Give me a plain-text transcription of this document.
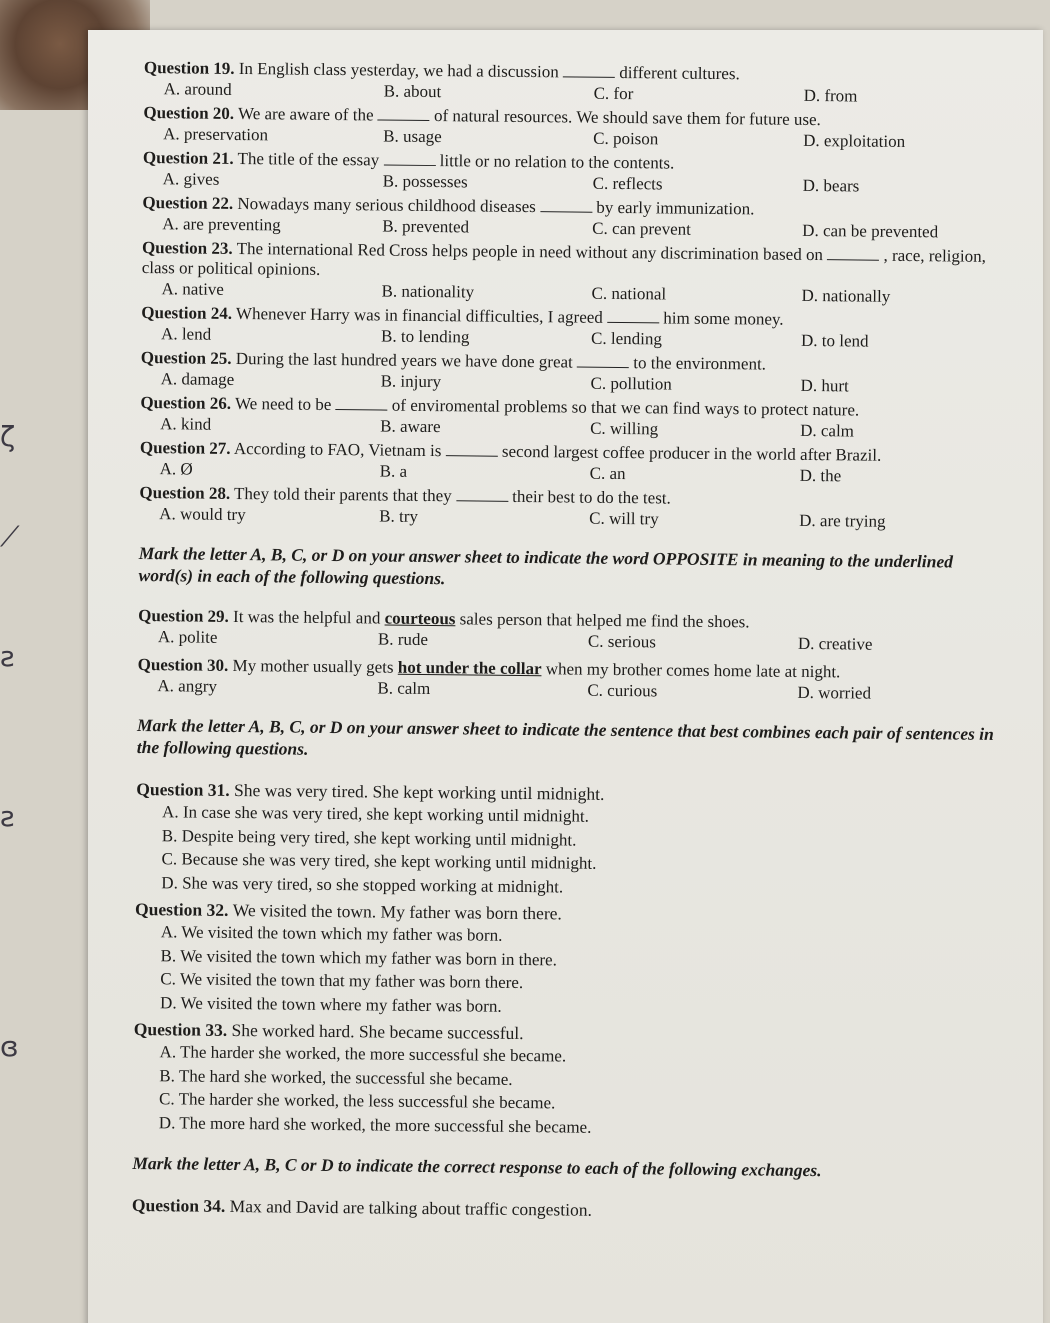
Question 19. In English class yesterday, we had a discussion	different cultures.
A. around	B. about	C. for	D. from
Question 20. We are aware of the	of natural resources. We should save them for future use.
A. preservation	B. usage	C. poison	D. exploitation
Question 21. The title of the essay	little or no relation to the contents.
A. gives	B. possesses	C. reflects	D. bears
Question 22. Nowadays many serious childhood diseases	by early immunization.
A. are preventing	B. prevented	C. can prevent	D. can be prevented
Question 23. The international Red Cross helps people in need without any discrimination based on	, race, religion, class or political opinions.
A. native	B. nationality	C. national	D. nationally
Question 24. Whenever Harry was in financial difficulties, I agreed	him some money.
A. lend	B. to lending	C. lending	D. to lend
Question 25. During the last hundred years we have done great	to the environment.
A. damage	B. injury	C. pollution	D. hurt
Question 26. We need to be	of enviromental problems so that we can find ways to protect nature.
A. kind	B. aware	C. willing	D. calm
Question 27. According to FAO, Vietnam is	second largest coffee producer in the world after Brazil.
A. Ø	B. a	C. an	D. the
Question 28. They told their parents that they	their best to do the test.
A. would try	B. try	C. will try	D. are trying
Mark the letter A, B, C, or D on your answer sheet to indicate the word OPPOSITE in meaning to the underlined word(s) in each of the following questions.
Question 29. It was the helpful and courteous sales person that helped me find the shoes.
A. polite	B. rude	C. serious	D. creative
Question 30. My mother usually gets hot under the collar when my brother comes home late at night.
A. angry	B. calm	C. curious	D. worried
Mark the letter A, B, C, or D on your answer sheet to indicate the sentence that best combines each pair of sentences in the following questions.
Question 31. She was very tired. She kept working until midnight.
A. In case she was very tired, she kept working until midnight.
B. Despite being very tired, she kept working until midnight.
C. Because she was very tired, she kept working until midnight.
D. She was very tired, so she stopped working at midnight.
Question 32. We visited the town. My father was born there.
A. We visited the town which my father was born.
B. We visited the town which my father was born in there.
C. We visited the town that my father was born there.
D. We visited the town where my father was born.
Question 33. She worked hard. She became successful.
A. The harder she worked, the more successful she became.
B. The hard she worked, the successful she became.
C. The harder she worked, the less successful she became.
D. The more hard she worked, the more successful she became.
Mark the letter A, B, C or D to indicate the correct response to each of the following exchanges.
Question 34. Max and David are talking about traffic congestion.
ζ
⟋
ƨ
ƨ
ɞ
